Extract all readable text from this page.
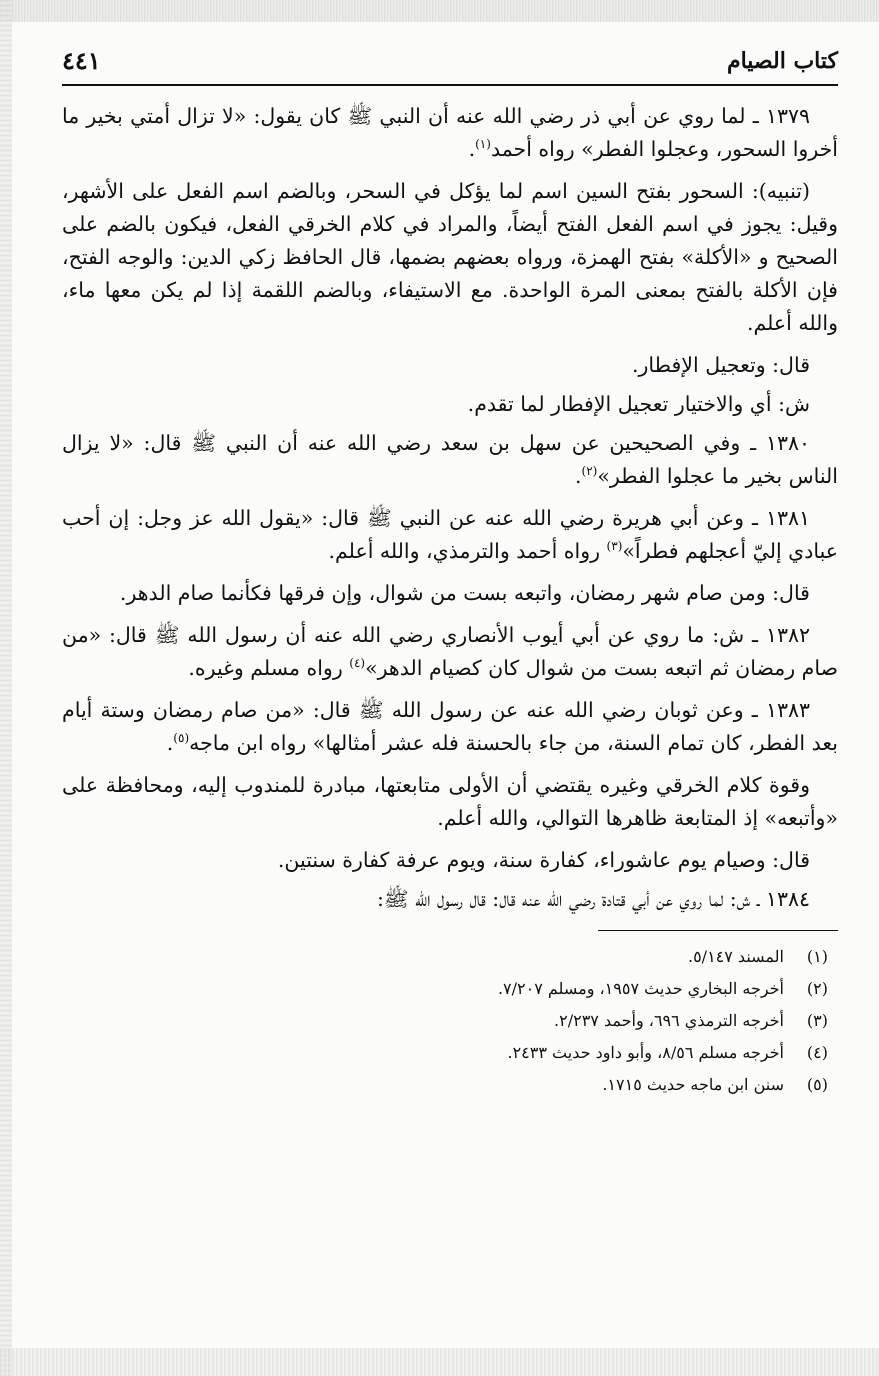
كتاب الصيام
٤٤١

١٣٧٩ ـ لما روي عن أبي ذر رضي الله عنه أن النبي ﷺ كان يقول: «لا تزال أمتي بخير ما أخروا السحور، وعجلوا الفطر» رواه أحمد$^{(١)}$.

(تنبيه): السحور بفتح السين اسم لما يؤكل في السحر، وبالضم اسم الفعل على الأشهر، وقيل: يجوز في اسم الفعل الفتح أيضاً، والمراد في كلام الخرقي الفعل، فيكون بالضم على الصحيح و «الأكلة» بفتح الهمزة، ورواه بعضهم بضمها، قال الحافظ زكي الدين: والوجه الفتح، فإن الأكلة بالفتح بمعنى المرة الواحدة. مع الاستيفاء، وبالضم اللقمة إذا لم يكن معها ماء، والله أعلم.

قال: وتعجيل الإفطار.

ش: أي والاختيار تعجيل الإفطار لما تقدم.

١٣٨٠ ـ وفي الصحيحين عن سهل بن سعد رضي الله عنه أن النبي ﷺ قال: «لا يزال الناس بخير ما عجلوا الفطر»$^{(٢)}$.

١٣٨١ ـ وعن أبي هريرة رضي الله عنه عن النبي ﷺ قال: «يقول الله عز وجل: إن أحب عبادي إليّ أعجلهم فطراً»$^{(٣)}$ رواه أحمد والترمذي، والله أعلم.

قال: ومن صام شهر رمضان، واتبعه بست من شوال، وإن فرقها فكأنما صام الدهر.

١٣٨٢ ـ ش: ما روي عن أبي أيوب الأنصاري رضي الله عنه أن رسول الله ﷺ قال: «من صام رمضان ثم اتبعه بست من شوال كان كصيام الدهر»$^{(٤)}$ رواه مسلم وغيره.

١٣٨٣ ـ وعن ثوبان رضي الله عنه عن رسول الله ﷺ قال: «من صام رمضان وستة أيام بعد الفطر، كان تمام السنة، من جاء بالحسنة فله عشر أمثالها» رواه ابن ماجه$^{(٥)}$.

وقوة كلام الخرقي وغيره يقتضي أن الأولى متابعتها، مبادرة للمندوب إليه، ومحافظة على «وأتبعه» إذ المتابعة ظاهرها التوالي، والله أعلم.

قال: وصيام يوم عاشوراء، كفارة سنة، ويوم عرفة كفارة سنتين.

١٣٨٤ ـ ش: لما روي عن أبي قتادة رضي الله عنه قال: قال رسول الله ﷺ:

(١)
المسند ٥/١٤٧.
(٢)
أخرجه البخاري حديث ١٩٥٧، ومسلم ٧/٢٠٧.
(٣)
أخرجه الترمذي ٦٩٦، وأحمد ٢/٢٣٧.
(٤)
أخرجه مسلم ٨/٥٦، وأبو داود حديث ٢٤٣٣.
(٥)
سنن ابن ماجه حديث ١٧١٥.
